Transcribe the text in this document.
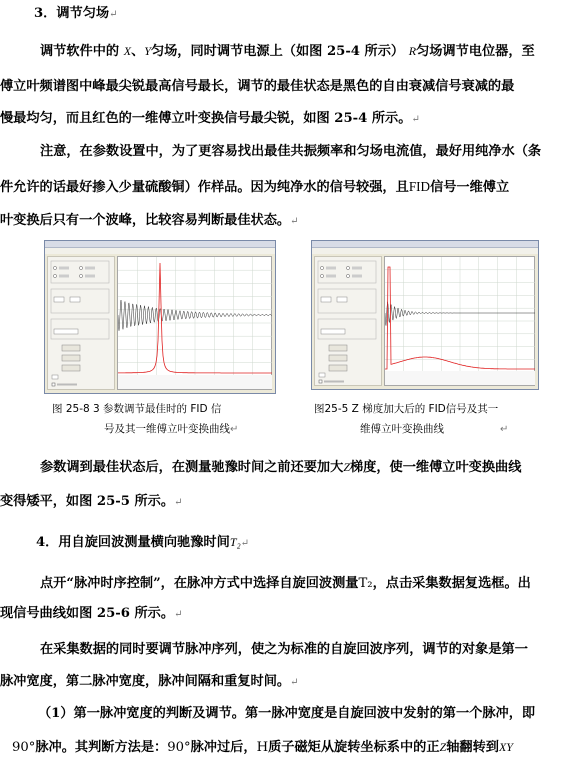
3．调节匀场↵
调节软件中的 X、Y匀场，同时调节电源上（如图 25-4 所示） R匀场调节电位器，至
傅立叶频谱图中峰最尖锐最高信号最长，调节的最佳状态是黑色的自由衰减信号衰减的最
慢最均匀，而且红色的一维傅立叶变换信号最尖锐，如图 25-4 所示。↵
注意，在参数设置中，为了更容易找出最佳共振频率和匀场电流值，最好用纯净水（条
件允许的话最好掺入少量硫酸铜）作样品。因为纯净水的信号较强，且FID信号一维傅立
叶变换后只有一个波峰，比较容易判断最佳状态。↵
图 25-8 3 参数调节最佳时的 FID 信
号及其一维傅立叶变换曲线↵
图25-5 Z 梯度加大后的 FID信号及其一
维傅立叶变换曲线	↵
参数调到最佳状态后，在测量驰豫时间之前还要加大Z梯度，使一维傅立叶变换曲线
变得矮平，如图 25-5 所示。↵
4．用自旋回波测量横向驰豫时间T₂↵
点开“脉冲时序控制”，在脉冲方式中选择自旋回波测量T₂，点击采集数据复选框。出
现信号曲线如图 25-6 所示。↵
在采集数据的同时要调节脉冲序列，使之为标准的自旋回波序列，调节的对象是第一
脉冲宽度，第二脉冲宽度，脉冲间隔和重复时间。↵
（1）第一脉冲宽度的判断及调节。第一脉冲宽度是自旋回波中发射的第一个脉冲，即
90°脉冲。其判断方法是：90°脉冲过后，H质子磁矩从旋转坐标系中的正Z轴翻转到XY
